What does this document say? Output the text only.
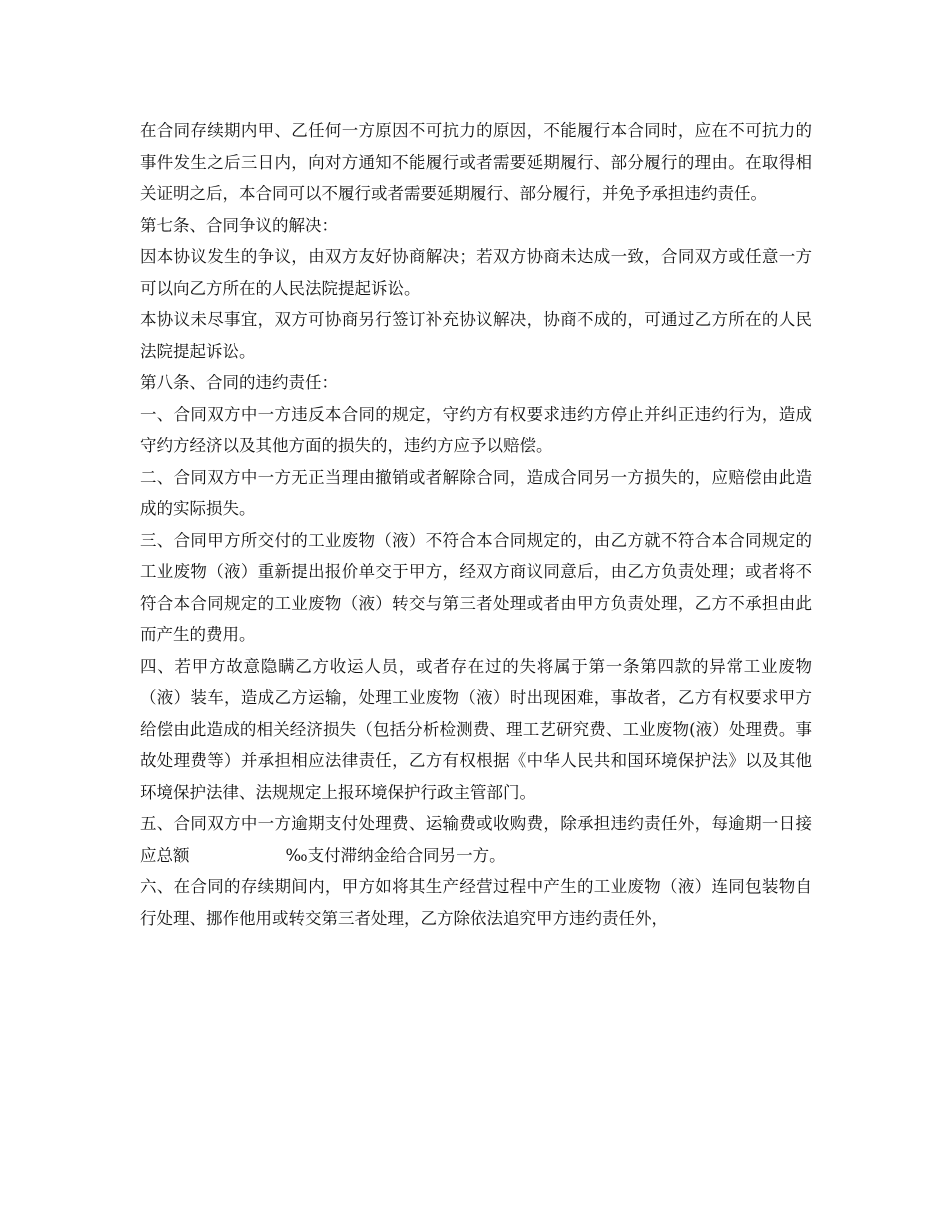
在合同存续期内甲、乙任何一方原因不可抗力的原因，不能履行本合同时，应在不可抗力的事件发生之后三日内，向对方通知不能履行或者需要延期履行、部分履行的理由。在取得相关证明之后，本合同可以不履行或者需要延期履行、部分履行，并免予承担违约责任。

第七条、合同争议的解决：

因本协议发生的争议，由双方友好协商解决；若双方协商未达成一致，合同双方或任意一方可以向乙方所在的人民法院提起诉讼。

本协议未尽事宜，双方可协商另行签订补充协议解决，协商不成的，可通过乙方所在的人民法院提起诉讼。

第八条、合同的违约责任：

一、合同双方中一方违反本合同的规定，守约方有权要求违约方停止并纠正违约行为，造成守约方经济以及其他方面的损失的，违约方应予以赔偿。

二、合同双方中一方无正当理由撤销或者解除合同，造成合同另一方损失的，应赔偿由此造成的实际损失。

三、合同甲方所交付的工业废物（液）不符合本合同规定的，由乙方就不符合本合同规定的工业废物（液）重新提出报价单交于甲方，经双方商议同意后，由乙方负责处理；或者将不符合本合同规定的工业废物（液）转交与第三者处理或者由甲方负责处理，乙方不承担由此而产生的费用。

四、若甲方故意隐瞒乙方收运人员，或者存在过的失将属于第一条第四款的异常工业废物（液）装车，造成乙方运输，处理工业废物（液）时出现困难，事故者，乙方有权要求甲方给偿由此造成的相关经济损失（包括分析检测费、理工艺研究费、工业废物(液）处理费。事故处理费等）并承担相应法律责任，乙方有权根据《中华人民共和国环境保护法》以及其他环境保护法律、法规规定上报环境保护行政主管部门。

五、合同双方中一方逾期支付处理费、运输费或收购费，除承担违约责任外，每逾期一日接应总额	‰支付滞纳金给合同另一方。

六、在合同的存续期间内，甲方如将其生产经营过程中产生的工业废物（液）连同包装物自行处理、挪作他用或转交第三者处理，乙方除依法追究甲方违约责任外，
